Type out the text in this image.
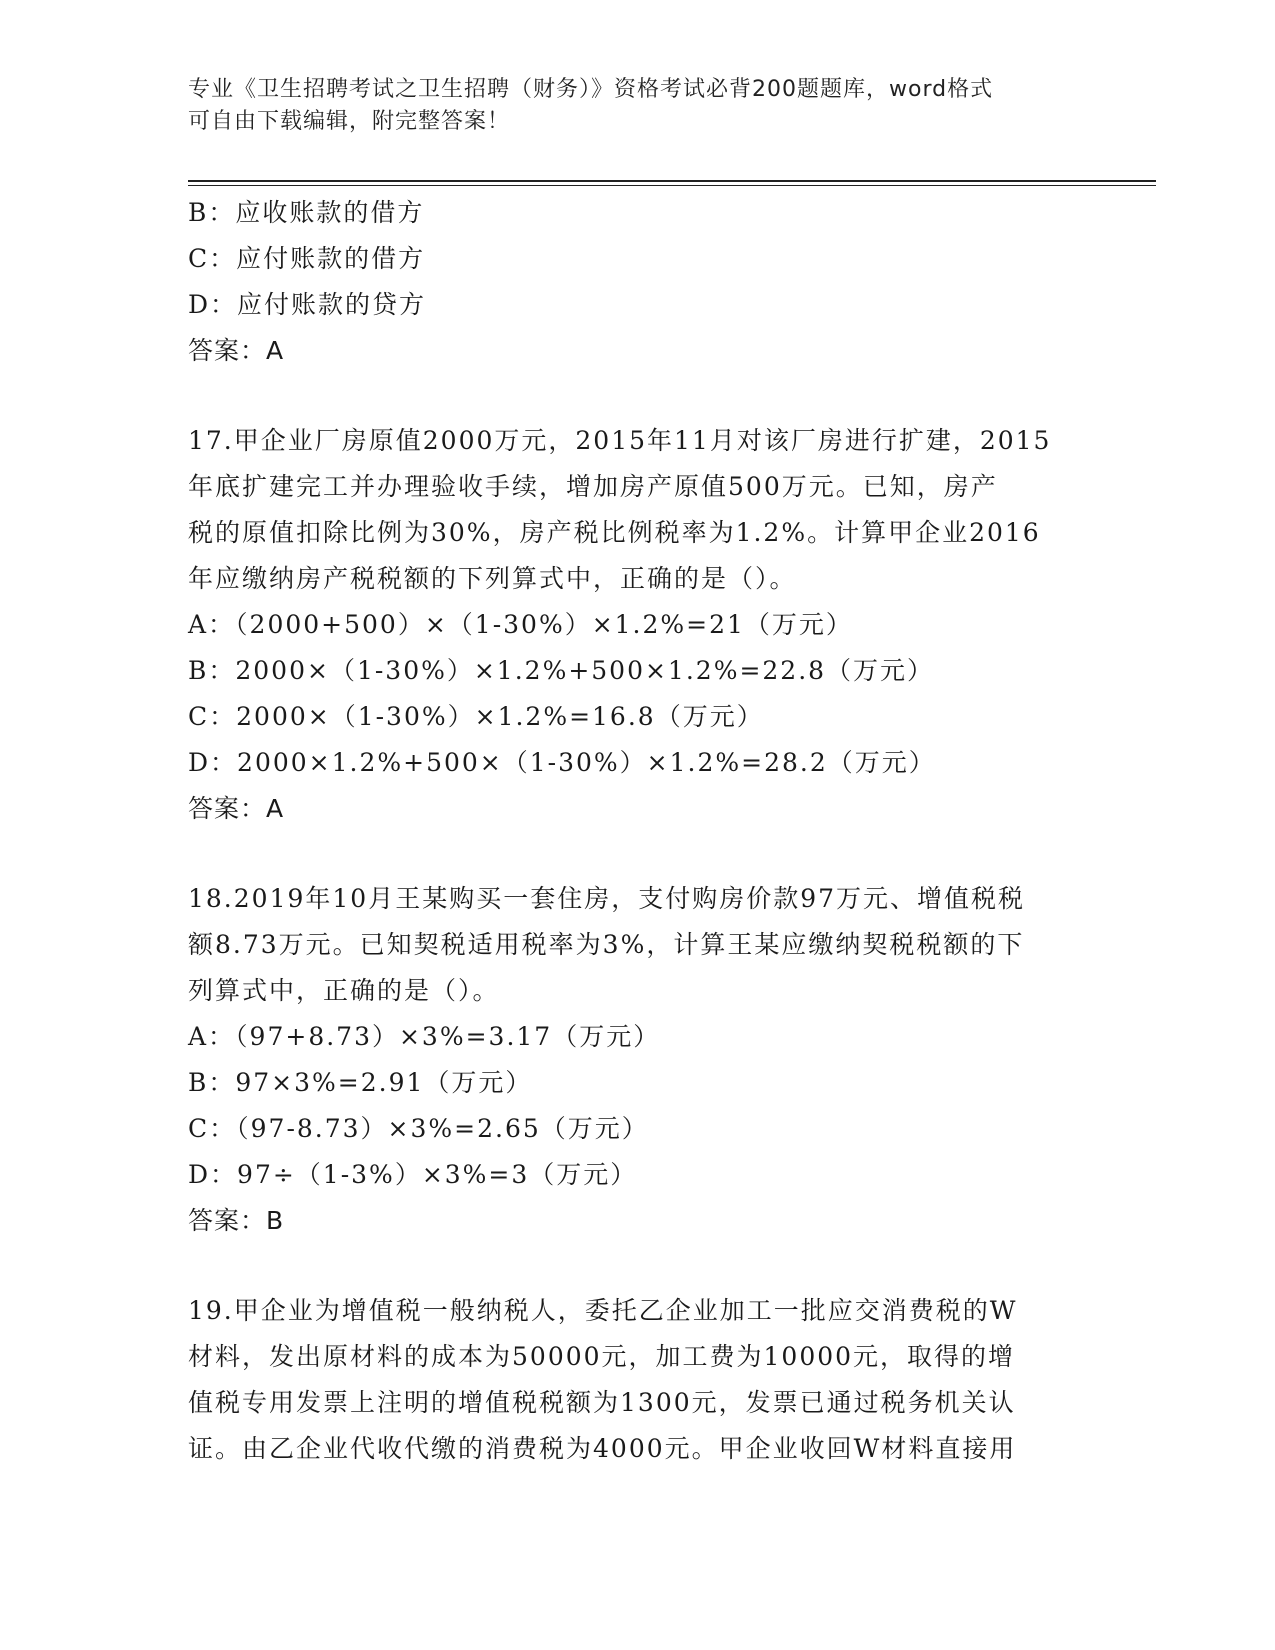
专业《卫生招聘考试之卫生招聘（财务）》资格考试必背200题题库，word格式
可自由下载编辑，附完整答案！
B：应收账款的借方
C：应付账款的借方
D：应付账款的贷方
答案：A
17.甲企业厂房原值2000万元，2015年11月对该厂房进行扩建，2015
年底扩建完工并办理验收手续，增加房产原值500万元。已知，房产
税的原值扣除比例为30%，房产税比例税率为1.2%。计算甲企业2016
年应缴纳房产税税额的下列算式中，正确的是（）。
A：（2000+500）×（1-30%）×1.2%=21（万元）
B：2000×（1-30%）×1.2%+500×1.2%=22.8（万元）
C：2000×（1-30%）×1.2%=16.8（万元）
D：2000×1.2%+500×（1-30%）×1.2%=28.2（万元）
答案：A
18.2019年10月王某购买一套住房，支付购房价款97万元、增值税税
额8.73万元。已知契税适用税率为3%，计算王某应缴纳契税税额的下
列算式中，正确的是（）。
A：（97+8.73）×3%=3.17（万元）
B：97×3%=2.91（万元）
C：（97-8.73）×3%=2.65（万元）
D：97÷（1-3%）×3%=3（万元）
答案：B
19.甲企业为增值税一般纳税人，委托乙企业加工一批应交消费税的W
材料，发出原材料的成本为50000元，加工费为10000元，取得的增
值税专用发票上注明的增值税税额为1300元，发票已通过税务机关认
证。由乙企业代收代缴的消费税为4000元。甲企业收回W材料直接用
